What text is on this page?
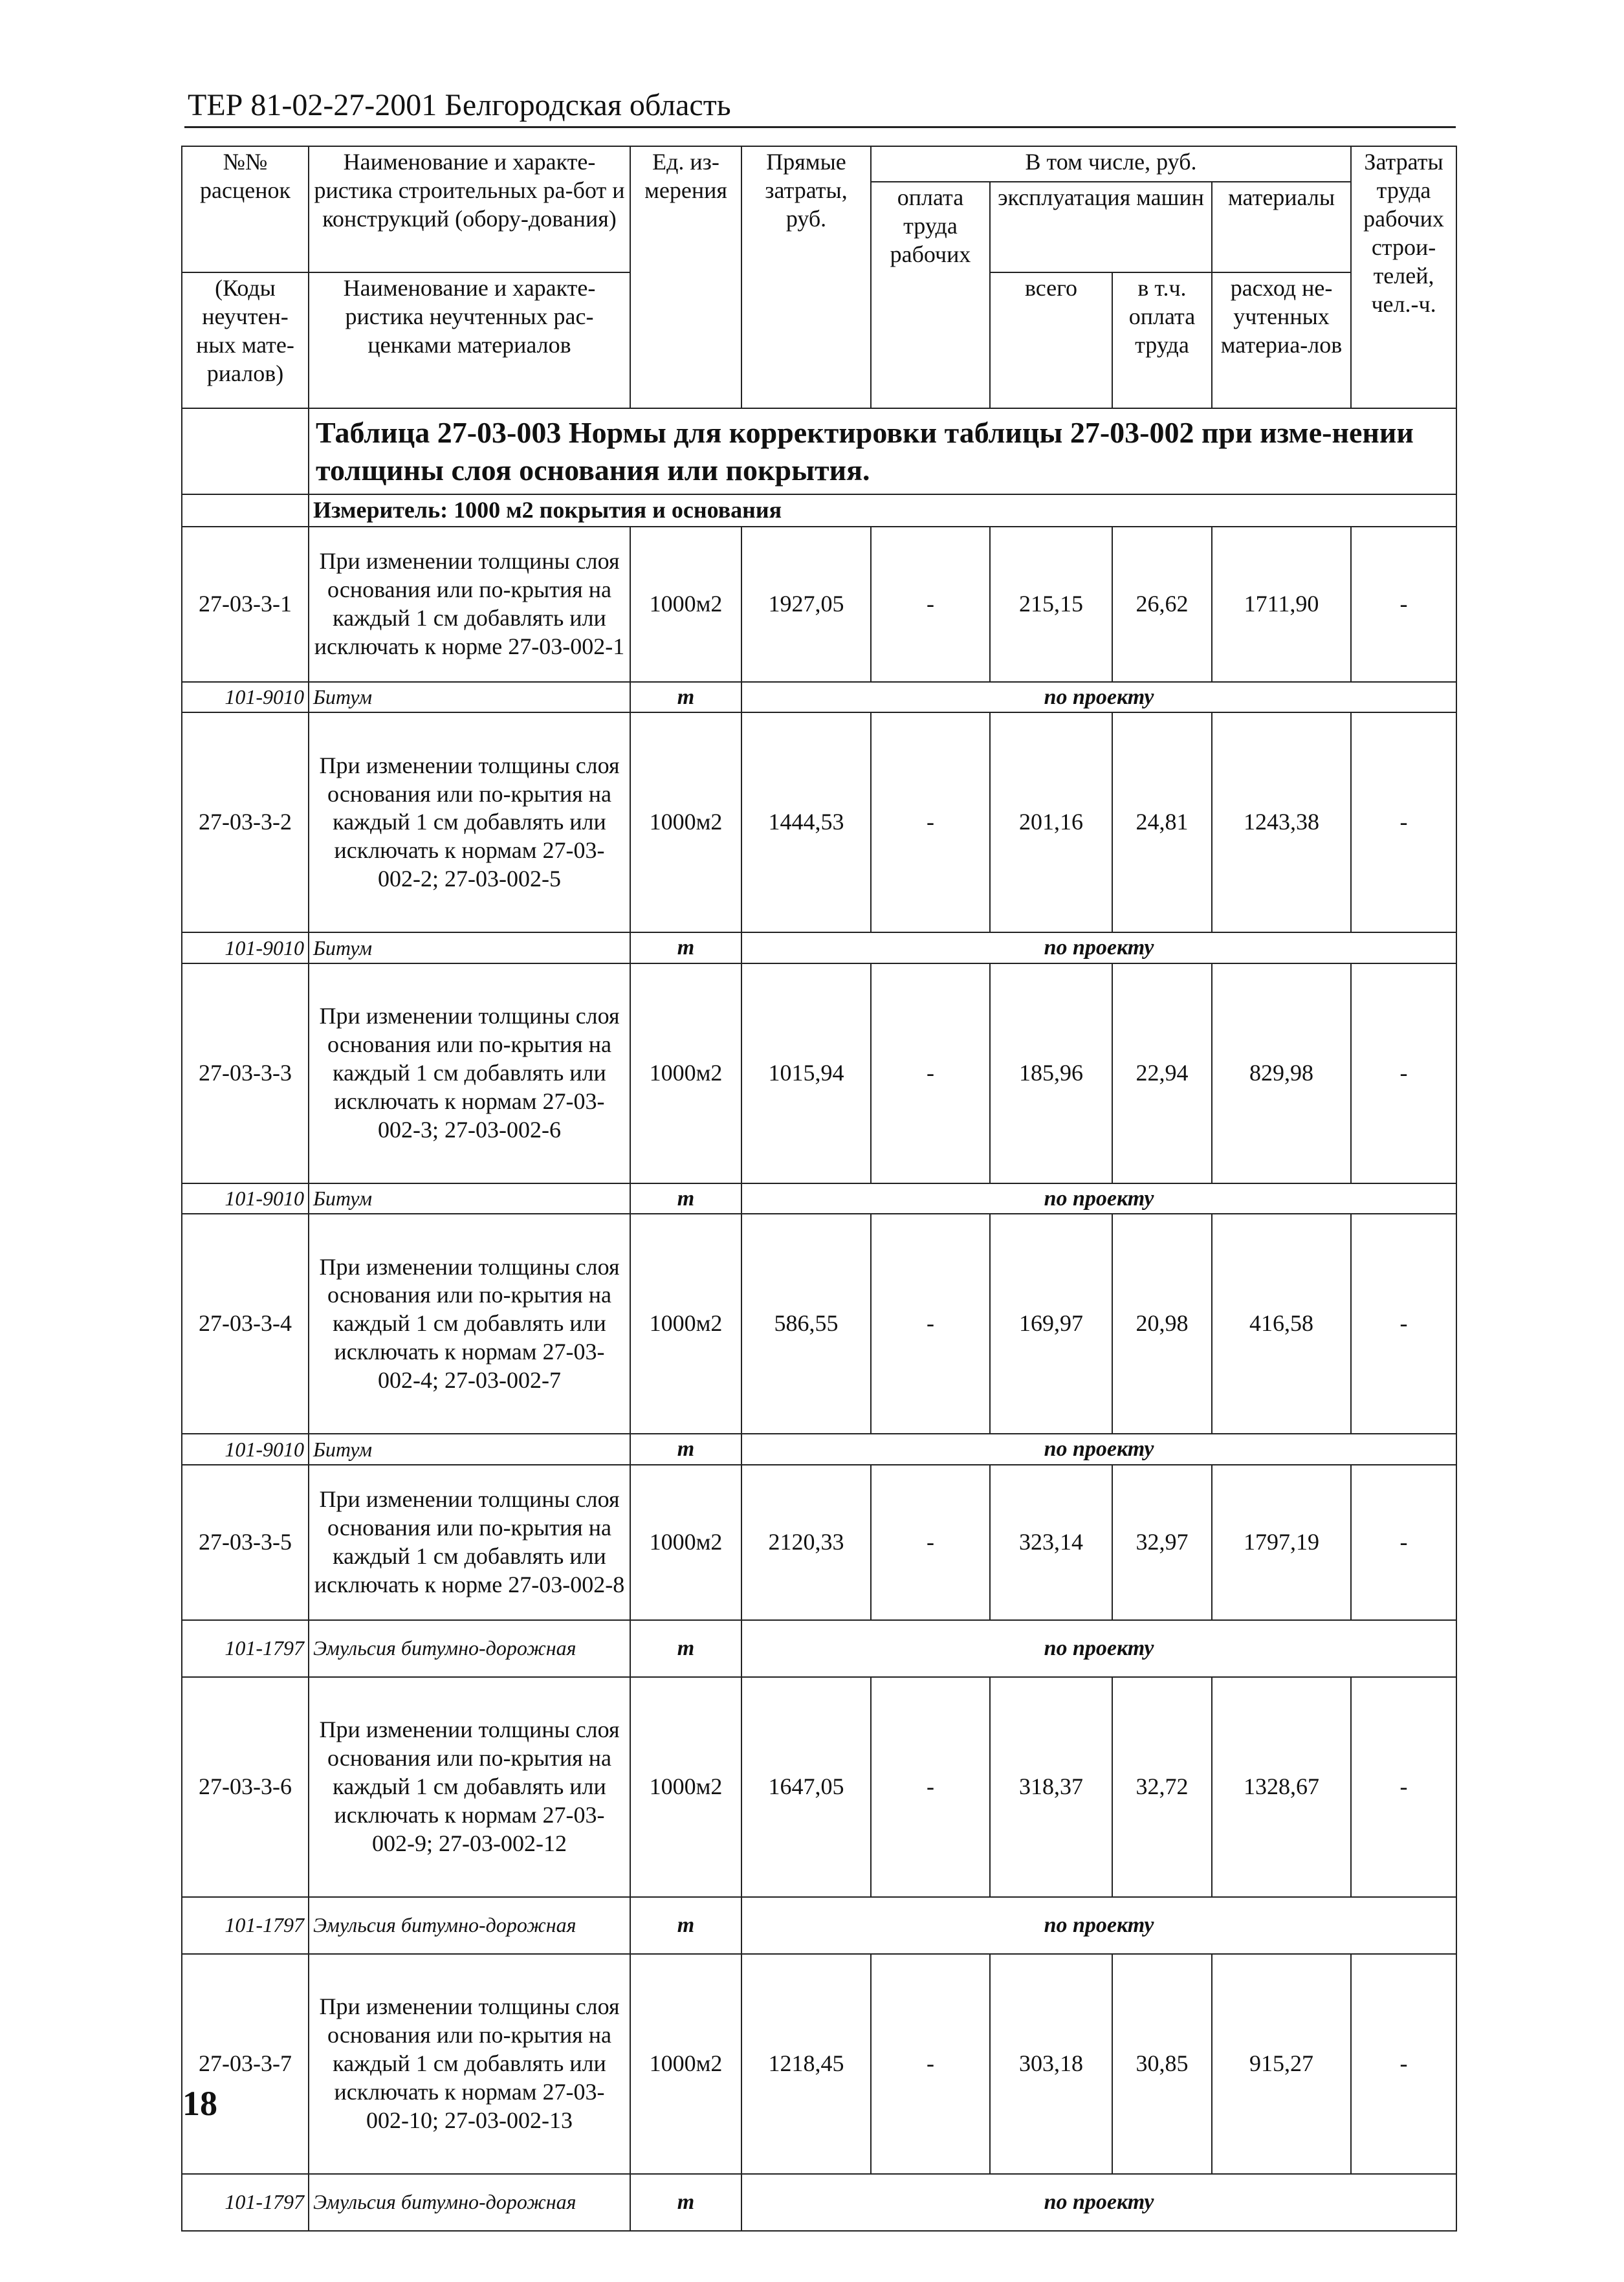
ТЕР 81-02-27-2001 Белгородская область
№№ расценок	Наименование и характе-ристика строительных ра-бот и конструкций (обору-дования)	Ед. из-мерения	Прямые затраты, руб.	В том числе, руб.				Затраты труда рабочих строи-телей, чел.-ч.
				оплата труда рабочих	эксплуатация машин		материалы	
(Коды неучтен-ных мате-риалов)	Наименование и характе-ристика неучтенных рас-ценками материалов				всего	в т.ч. оплата труда	расход не-учтенных материа-лов	

	Таблица 27-03-003 Нормы для корректировки таблицы 27-03-002 при изме-нении толщины слоя основания или покрытия.							
	Измеритель: 1000 м2 покрытия и основания							
27-03-3-1	При изменении толщины слоя основания или по-крытия на каждый 1 см добавлять или исключать к норме 27-03-002-1	1000м2	1927,05	-	215,15	26,62	1711,90	-
101-9010	Битум	т	по проекту					
27-03-3-2	При изменении толщины слоя основания или по-крытия на каждый 1 см добавлять или исключать к нормам 27-03-002-2; 27-03-002-5	1000м2	1444,53	-	201,16	24,81	1243,38	-
101-9010	Битум	т	по проекту					
27-03-3-3	При изменении толщины слоя основания или по-крытия на каждый 1 см добавлять или исключать к нормам 27-03-002-3; 27-03-002-6	1000м2	1015,94	-	185,96	22,94	829,98	-
101-9010	Битум	т	по проекту					
27-03-3-4	При изменении толщины слоя основания или по-крытия на каждый 1 см добавлять или исключать к нормам 27-03-002-4; 27-03-002-7	1000м2	586,55	-	169,97	20,98	416,58	-
101-9010	Битум	т	по проекту					
27-03-3-5	При изменении толщины слоя основания или по-крытия на каждый 1 см добавлять или исключать к норме 27-03-002-8	1000м2	2120,33	-	323,14	32,97	1797,19	-
101-1797	Эмульсия битумно-дорожная	т	по проекту					
27-03-3-6	При изменении толщины слоя основания или по-крытия на каждый 1 см добавлять или исключать к нормам 27-03-002-9; 27-03-002-12	1000м2	1647,05	-	318,37	32,72	1328,67	-
101-1797	Эмульсия битумно-дорожная	т	по проекту					
27-03-3-7	При изменении толщины слоя основания или по-крытия на каждый 1 см добавлять или исключать к нормам 27-03-002-10; 27-03-002-13	1000м2	1218,45	-	303,18	30,85	915,27	-
101-1797	Эмульсия битумно-дорожная	т	по проекту					
18
